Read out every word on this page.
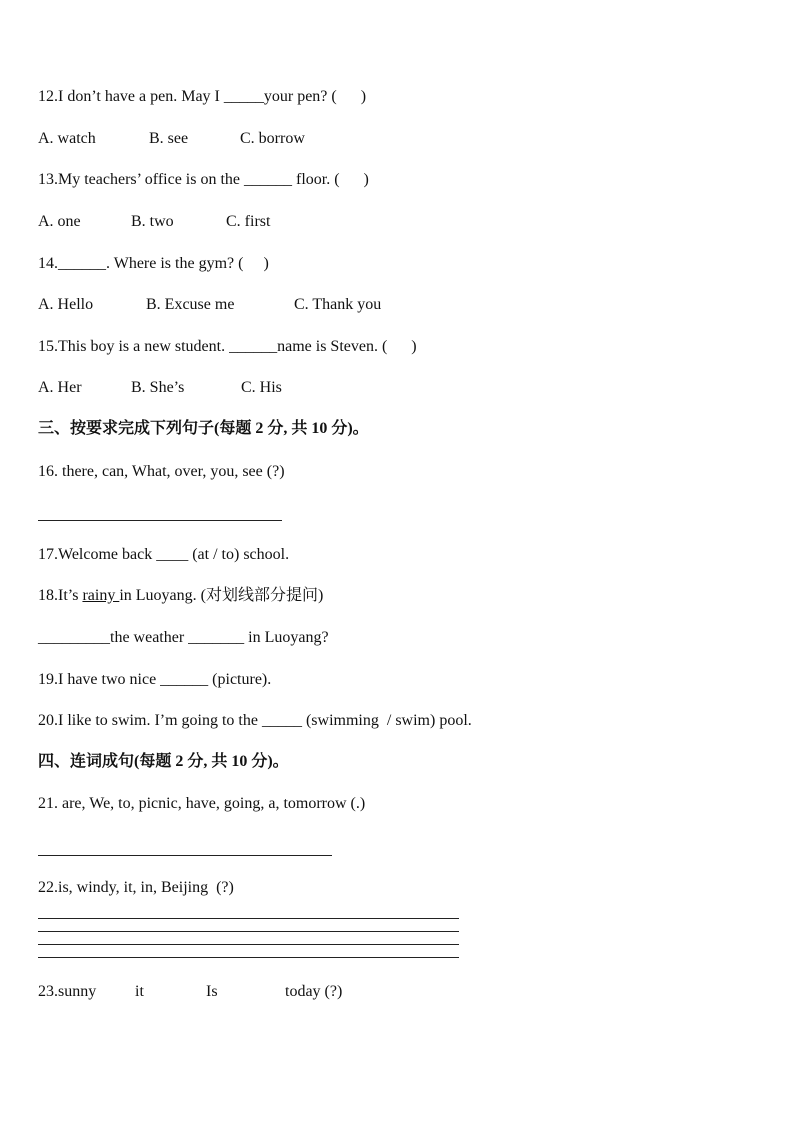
12.I don’t have a pen. May I _____your pen? (      )
A. watch	B. see	C. borrow
13.My teachers’ office is on the ______ floor. (      )
A. one	B. two	C. first
14.______. Where is the gym? (     )
A. Hello	B. Excuse me	C. Thank you
15.This boy is a new student. ______name is Steven. (      )
A. Her	B. She’s	C. His
三、按要求完成下列句子(每题 2 分, 共 10 分)。
16. there, can, What, over, you, see (?)
17.Welcome back ____ (at / to) school.
18.It’s rainy in Luoyang. (对划线部分提问)
_________the weather _______ in Luoyang?
19.I have two nice ______ (picture).
20.I like to swim. I’m going to the _____ (swimming  / swim) pool.
四、连词成句(每题 2 分, 共 10 分)。
21. are, We, to, picnic, have, going, a, tomorrow (.)
22.is, windy, it, in, Beijing  (?)
23.sunny it	Is	today (?)
